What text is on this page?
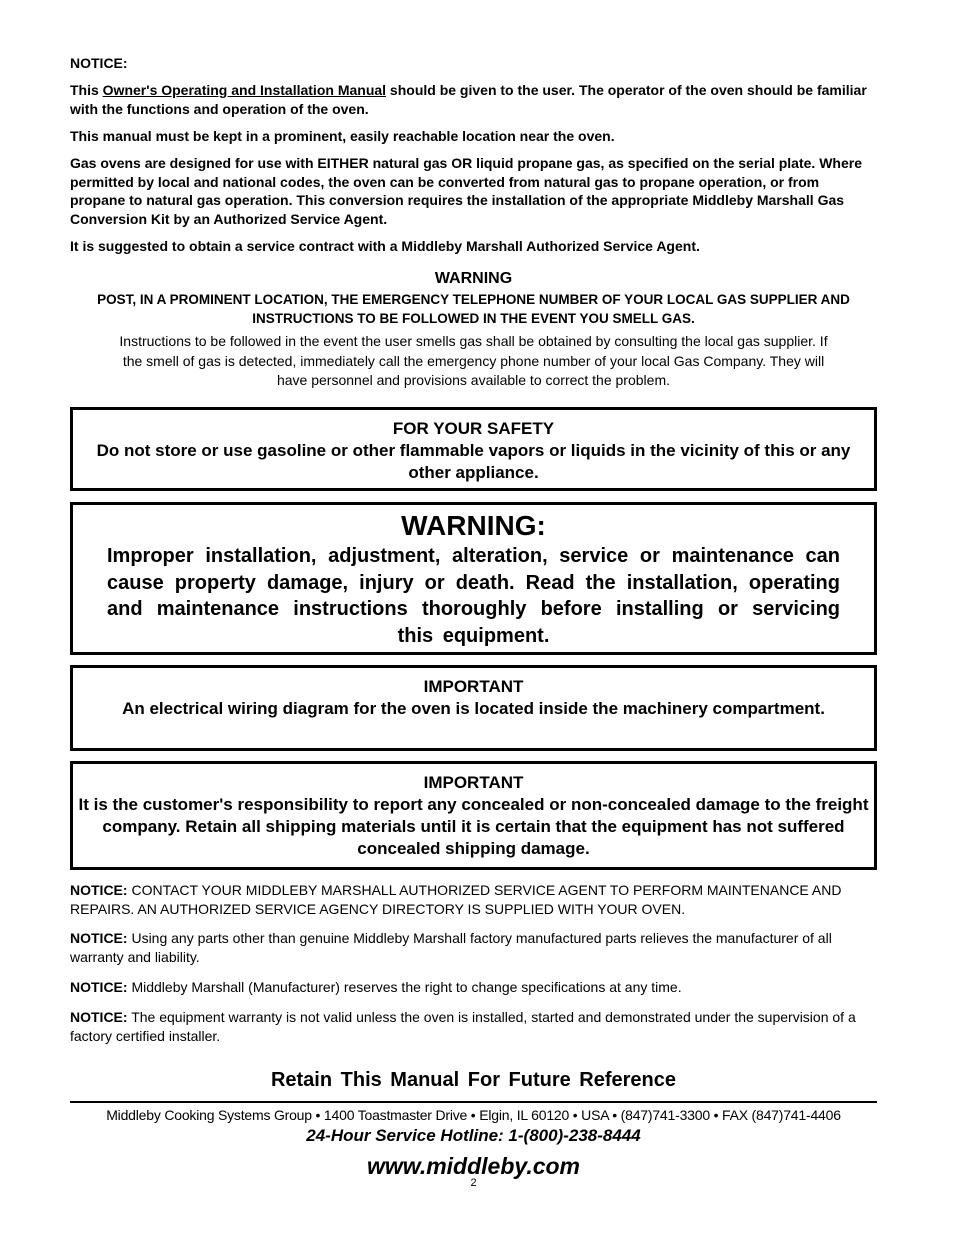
NOTICE:

This Owner's Operating and Installation Manual should be given to the user. The operator of the oven should be familiar with the functions and operation of the oven.

This manual must be kept in a prominent, easily reachable location near the oven.

Gas ovens are designed for use with EITHER natural gas OR liquid propane gas, as specified on the serial plate. Where permitted by local and national codes, the oven can be converted from natural gas to propane operation, or from propane to natural gas operation. This conversion requires the installation of the appropriate Middleby Marshall Gas Conversion Kit by an Authorized Service Agent.

It is suggested to obtain a service contract with a Middleby Marshall Authorized Service Agent.

WARNING
POST, IN A PROMINENT LOCATION, THE EMERGENCY TELEPHONE NUMBER OF YOUR LOCAL GAS SUPPLIER AND INSTRUCTIONS TO BE FOLLOWED IN THE EVENT YOU SMELL GAS.
Instructions to be followed in the event the user smells gas shall be obtained by consulting the local gas supplier. If the smell of gas is detected, immediately call the emergency phone number of your local Gas Company. They will have personnel and provisions available to correct the problem.
FOR YOUR SAFETY
Do not store or use gasoline or other flammable vapors or liquids in the vicinity of this or any other appliance.
WARNING:
Improper installation, adjustment, alteration, service or maintenance can cause property damage, injury or death. Read the installation, operating and maintenance instructions thoroughly before installing or servicing this equipment.
IMPORTANT
An electrical wiring diagram for the oven is located inside the machinery compartment.
IMPORTANT
It is the customer's responsibility to report any concealed or non-concealed damage to the freight company. Retain all shipping materials until it is certain that the equipment has not suffered concealed shipping damage.
NOTICE: CONTACT YOUR MIDDLEBY MARSHALL AUTHORIZED SERVICE AGENT TO PERFORM MAINTENANCE AND REPAIRS. AN AUTHORIZED SERVICE AGENCY DIRECTORY IS SUPPLIED WITH YOUR OVEN.
NOTICE: Using any parts other than genuine Middleby Marshall factory manufactured parts relieves the manufacturer of all warranty and liability.
NOTICE: Middleby Marshall (Manufacturer) reserves the right to change specifications at any time.
NOTICE: The equipment warranty is not valid unless the oven is installed, started and demonstrated under the supervision of a factory certified installer.
Retain This Manual For Future Reference
Middleby Cooking Systems Group • 1400 Toastmaster Drive • Elgin, IL 60120 • USA • (847)741-3300 • FAX (847)741-4406
24-Hour Service Hotline: 1-(800)-238-8444
www.middleby.com
2
